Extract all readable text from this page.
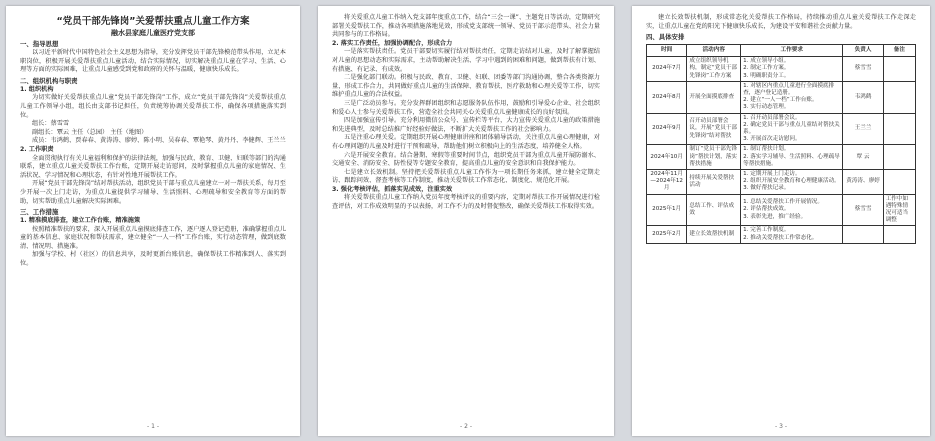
“党员干部先锋岗”关爱帮扶重点儿童工作方案
融水县家庭儿童医疗党支部
一、指导思想

以习近平新时代中国特色社会主义思想为指导，充分发挥党员干部先锋模范带头作用，立足本职岗位，积极开展关爱帮扶重点儿童活动，结合实际情况，切实解决重点儿童在学习、生活、心理等方面的实际困难，让重点儿童感受到党和政府的关怀与温暖，健康快乐成长。

二、组织机构与职责
1. 组织机构

为切实做好关爱帮扶重点儿童“党员干部先锋岗”工作，成立“党员干部先锋岗”关爱帮扶重点儿童工作领导小组，组长由支部书记担任，负责统筹协调关爱帮扶工作，确保各项措施落实到位。

组长：蔡雪雪

副组长：覃云 主任（总园） 主任（地图）

成员：韦鸿鹤、贾春春、黄涛涛、廖婷、陈小明、吴春春、覃艳琴、黄丹丹、李健辉、王兰兰

2. 工作职责

全面贯彻执行有关儿童福利和保护的法律法规，加强与民政、教育、卫健、妇联等部门的沟通联系，建立重点儿童关爱帮扶工作台账，定期开展走访慰问，及时掌握重点儿童的家庭情况、生活状况、学习情况和心理状态，有针对性地开展帮扶工作。

开展“党员干部先锋岗”结对帮扶活动，组织党员干部与重点儿童建立一对一帮扶关系，每月至少开展一次上门走访，为重点儿童提供学习辅导、生活照料、心理疏导和安全教育等方面的帮助，切实帮助重点儿童解决实际困难。

三、工作措施
1. 精准摸底排查，建立工作台账，精准施策

按照精准帮扶的要求，深入开展重点儿童摸底排查工作，逐户逐人登记造册，准确掌握重点儿童的基本信息、家庭状况和帮扶需求，建立健全“一人一档”工作台账，实行动态管理，做到底数清、情况明、措施准。

加强与学校、村（社区）的信息共享，及时更新台账信息，确保帮扶工作精准到人、落实到位。

- 1 -

将关爱重点儿童工作纳入党支部年度重点工作，结合“三会一课”、主题党日等活动，定期研究部署关爱帮扶工作，推动各项措施落地见效，形成党支部统一领导、党员干部示范带头、社会力量共同参与的工作格局。

2. 落实工作责任，加强协调配合，形成合力

一是落实帮扶责任。党员干部要切实履行结对帮扶责任，定期走访结对儿童，及时了解掌握结对儿童的思想动态和实际需求，主动帮助解决生活、学习中遇到的困难和问题，做到帮扶有计划、有措施、有记录、有成效。

二是强化部门联动。积极与民政、教育、卫健、妇联、团委等部门沟通协调，整合各类资源力量，形成工作合力，共同做好重点儿童的生活保障、教育帮扶、医疗救助和心理关爱等工作，切实维护重点儿童的合法权益。

三是广泛动员参与。充分发挥群团组织和志愿服务队伍作用，鼓励和引导爱心企业、社会组织和爱心人士参与关爱帮扶工作，营造全社会共同关心关爱重点儿童健康成长的良好氛围。

四是加强宣传引导。充分利用微信公众号、宣传栏等平台，大力宣传关爱重点儿童的政策措施和先进典型，及时总结推广好经验好做法，不断扩大关爱帮扶工作的社会影响力。

五是注重心理关爱。定期组织开展心理健康讲座和团体辅导活动，关注重点儿童心理健康，对有心理问题的儿童及时进行干预和疏导，帮助他们树立积极向上的生活态度，培养健全人格。

六是开展安全教育。结合暑期、寒假等重要时间节点，组织党员干部为重点儿童开展防溺水、交通安全、消防安全、防性侵等专题安全教育，提高重点儿童的安全意识和自我保护能力。

七是建立长效机制。坚持把关爱帮扶重点儿童工作作为一项长期任务来抓，建立健全定期走访、跟踪问效、督查考核等工作制度，推动关爱帮扶工作常态化、制度化、规范化开展。

3. 强化考核评估，抓落实见成效，注重实效

将关爱帮扶重点儿童工作纳入党员年度考核评议的重要内容，定期对帮扶工作开展情况进行检查评估，对工作成效明显的予以表扬，对工作不力的及时督促整改，确保关爱帮扶工作取得实效。

- 2 -

建立长效帮扶机制，形成常态化关爱帮扶工作格局，持续推动重点儿童关爱帮扶工作走深走实，让重点儿童在党的阳光下健康快乐成长，为建设平安和谐社会贡献力量。

四、具体安排
时间	活动内容	工作要求	负责人	备注
2024年7月	成立组织领导机构，制定“党员干部先锋岗”工作方案	1. 成立领导小组。
2. 制定工作方案。
3. 明确职责分工。	蔡雪雪	
2024年8月	开展全面摸底排查	1. 对辖区内重点儿童进行全面摸底排查，逐户登记造册。
2. 建立“一人一档”工作台账。
3. 实行动态管理。	韦鸿鹤	
2024年9月	召开动员部署会议，开展“党员干部先锋岗”结对帮扶	1. 召开动员部署会议。
2. 确定党员干部与重点儿童结对帮扶关系。
3. 开展首次走访慰问。	王兰兰	
2024年10月	制订“党员干部先锋岗”帮扶计划，落实帮扶措施	1. 制订帮扶计划。
2. 落实学习辅导、生活照料、心理疏导等帮扶措施。	覃 云	
2024年11月—2024年12月	持续开展关爱帮扶活动	1. 定期开展上门走访。
2. 组织开展安全教育和心理健康活动。
3. 做好帮扶记录。	黄涛涛、廖婷	
2025年1月	总结工作、评估成效	1. 总结关爱帮扶工作开展情况。
2. 评估帮扶成效。
3. 表彰先进，推广经验。	蔡雪雪	工作中如遇特殊情况可适当调整
2025年2月	建立长效帮扶机制	1. 完善工作制度。
2. 推动关爱帮扶工作常态化。		
- 3 -
